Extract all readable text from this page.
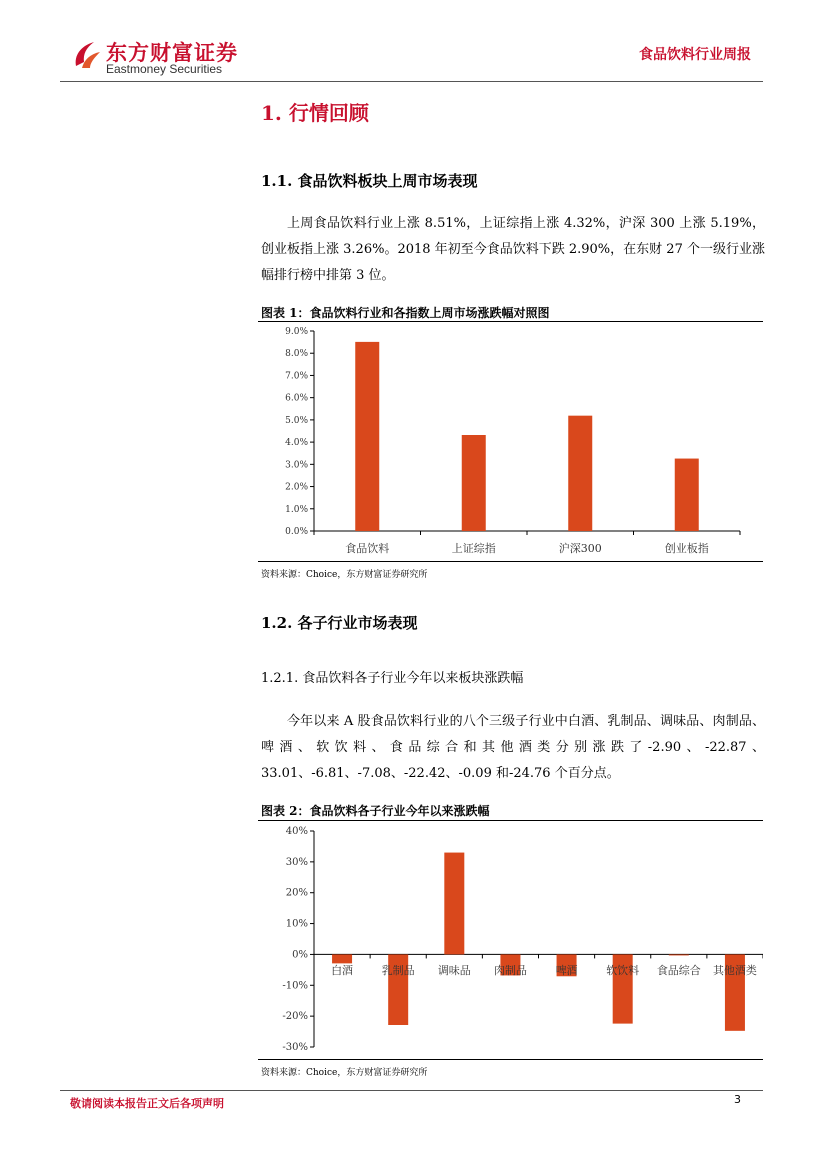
东方财富证券
Eastmoney Securities
食品饮料行业周报
1. 行情回顾
1.1. 食品饮料板块上周市场表现
上周食品饮料行业上涨 8.51%，上证综指上涨 4.32%，沪深 300 上涨 5.19%，创业板指上涨 3.26%。2018 年初至今食品饮料下跌 2.90%，在东财 27 个一级行业涨幅排行榜中排第 3 位。
图表 1：食品饮料行业和各指数上周市场涨跌幅对照图
0.0%
1.0%
2.0%
3.0%
4.0%
5.0%
6.0%
7.0%
8.0%
9.0%
食品饮料	上证综指	沪深300	创业板指
资料来源：Choice，东方财富证券研究所
1.2. 各子行业市场表现
1.2.1. 食品饮料各子行业今年以来板块涨跌幅
今年以来 A 股食品饮料行业的八个三级子行业中白酒、乳制品、调味品、肉制品、啤酒、软饮料、食品综合和其他酒类分别涨跌了-2.90、-22.87、33.01、-6.81、-7.08、-22.42、-0.09 和-24.76 个百分点。
图表 2：食品饮料各子行业今年以来涨跌幅
-30%
-20%
-10%
0%
10%
20%
30%
40%
白酒	乳制品 调味品 肉制品	啤酒	软饮料 食品综合 其他酒类
资料来源：Choice，东方财富证券研究所
敬请阅读本报告正文后各项声明	3
